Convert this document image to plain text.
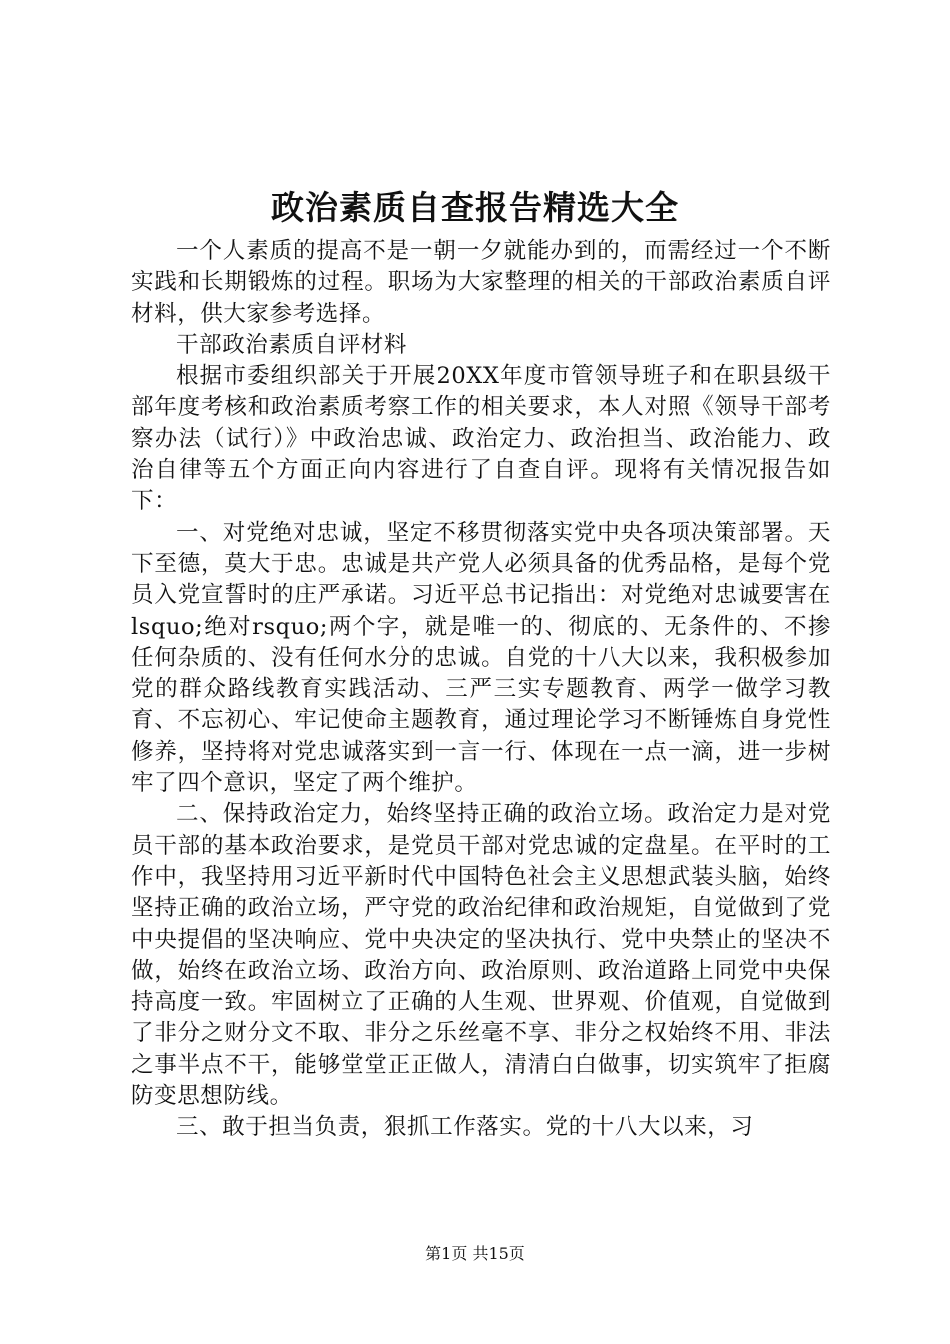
政治素质自查报告精选大全

一个人素质的提高不是一朝一夕就能办到的，而需经过一个不断实践和长期锻炼的过程。职场为大家整理的相关的干部政治素质自评材料，供大家参考选择。

干部政治素质自评材料

根据市委组织部关于开展20XX年度市管领导班子和在职县级干部年度考核和政治素质考察工作的相关要求，本人对照《领导干部考察办法（试行）》中政治忠诚、政治定力、政治担当、政治能力、政治自律等五个方面正向内容进行了自查自评。现将有关情况报告如下：

一、对党绝对忠诚，坚定不移贯彻落实党中央各项决策部署。天下至德，莫大于忠。忠诚是共产党人必须具备的优秀品格，是每个党员入党宣誓时的庄严承诺。习近平总书记指出：对党绝对忠诚要害在lsquo;绝对rsquo;两个字，就是唯一的、彻底的、无条件的、不掺任何杂质的、没有任何水分的忠诚。自党的十八大以来，我积极参加党的群众路线教育实践活动、三严三实专题教育、两学一做学习教育、不忘初心、牢记使命主题教育，通过理论学习不断锤炼自身党性修养，坚持将对党忠诚落实到一言一行、体现在一点一滴，进一步树牢了四个意识，坚定了两个维护。

二、保持政治定力，始终坚持正确的政治立场。政治定力是对党员干部的基本政治要求，是党员干部对党忠诚的定盘星。在平时的工作中，我坚持用习近平新时代中国特色社会主义思想武装头脑，始终坚持正确的政治立场，严守党的政治纪律和政治规矩，自觉做到了党中央提倡的坚决响应、党中央决定的坚决执行、党中央禁止的坚决不做，始终在政治立场、政治方向、政治原则、政治道路上同党中央保持高度一致。牢固树立了正确的人生观、世界观、价值观，自觉做到了非分之财分文不取、非分之乐丝毫不享、非分之权始终不用、非法之事半点不干，能够堂堂正正做人，清清白白做事，切实筑牢了拒腐防变思想防线。

三、敢于担当负责，狠抓工作落实。党的十八大以来，习

第1页 共15页
